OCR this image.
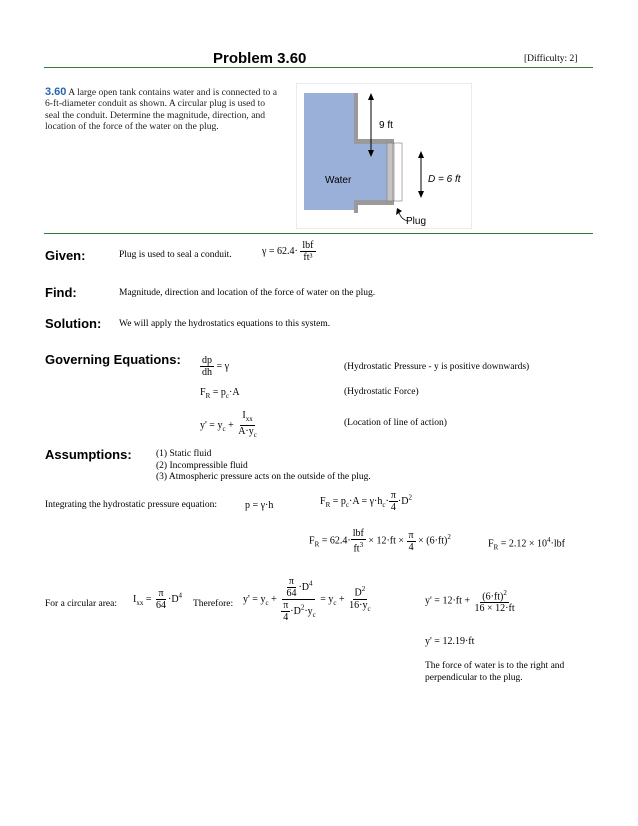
Problem 3.60	[Difficulty: 2]
3.60 A large open tank contains water and is connected to a
6-ft-diameter conduit as shown. A circular plug is used to
seal the conduit. Determine the magnitude, direction, and
location of the force of the water on the plug.	9 ft
Water	D = 6 ft
Plug
Given:	Plug is used to seal a conduit.	$\gamma = 62.4\cdot \frac{\text{lbf}}{\text{ft³}}$
Find:	Magnitude, direction and location of the force of water on the plug.
Solution: We will apply the hydrostatics equations to this system.
Governing Equations: $\frac{dp}{dh} = \gamma$	(Hydrostatic Pressure - y is positive downwards)
$F_R = p_c\cdot A$	(Hydrostatic Force)
$y' = y_c + \frac{I_{xx}}{A\cdot y_c}$	(Location of line of action)
Assumptions:	(1) Static fluid
(2) Incompressible fluid
(3) Atmospheric pressure acts on the outside of the plug.
Integrating the hydrostatic pressure equation:	p = γ·h	$F_R = p_c\cdot A = \gamma\cdot h_c\cdot \frac{\pi}{4} \cdot D^2$
$F_R = 62.4\cdot \frac{\text{lbf}}{ft^3} \times 12\cdot ft \times \frac{\pi}{4} \times (6\cdot ft)^2$
$F_R = 2.12 \times 10^4\cdot lbf$
For a circular area: $I_{xx} = \frac{\pi}{64} \cdot D^4$
Therefore: $y' = y_c + \frac{\frac{\pi}{64} \cdot D^4}{\frac{\pi}{4} \cdot D^2\cdot y_c} = y_c + \frac{D^2}{16\cdot y_c}$	$y' = 12\cdot ft + \frac{(6\cdot ft)^2}{16 \times 12\cdot ft}$
y' = 12.19·ft
The force of water is to the right and
perpendicular to the plug.
